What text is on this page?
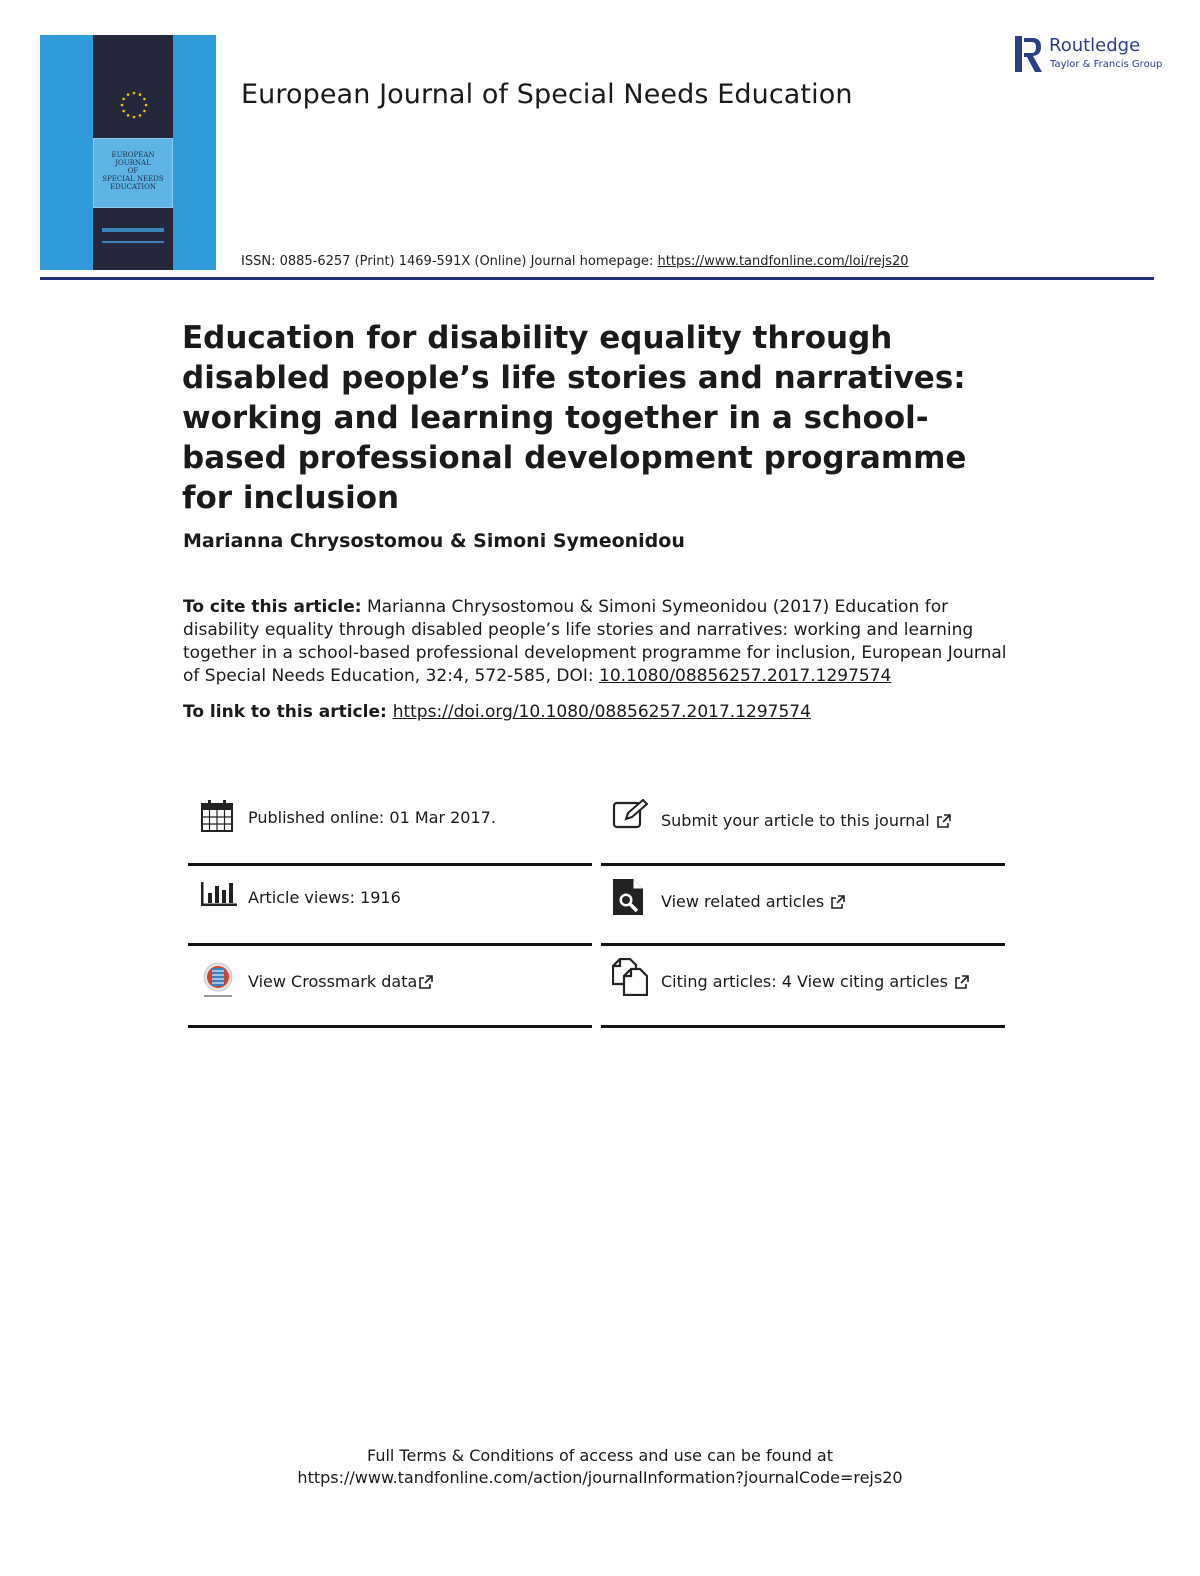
EUROPEAN
JOURNAL
OF
SPECIAL NEEDS
EDUCATION
European Journal of Special Needs Education
Routledge
Taylor & Francis Group
ISSN: 0885-6257 (Print) 1469-591X (Online) Journal homepage: https://www.tandfonline.com/loi/rejs20
Education for disability equality through disabled people’s life stories and narratives: working and learning together in a school-based professional development programme for inclusion
Marianna Chrysostomou & Simoni Symeonidou
To cite this article: Marianna Chrysostomou & Simoni Symeonidou (2017) Education for disability equality through disabled people’s life stories and narratives: working and learning together in a school-based professional development programme for inclusion, European Journal of Special Needs Education, 32:4, 572-585, DOI: 10.1080/08856257.2017.1297574
To link to this article: https://doi.org/10.1080/08856257.2017.1297574
Published online: 01 Mar 2017.	Submit your article to this journal
Article views: 1916	View related articles
View Crossmark data	Citing articles: 4 View citing articles
Full Terms & Conditions of access and use can be found at
https://www.tandfonline.com/action/journalInformation?journalCode=rejs20
